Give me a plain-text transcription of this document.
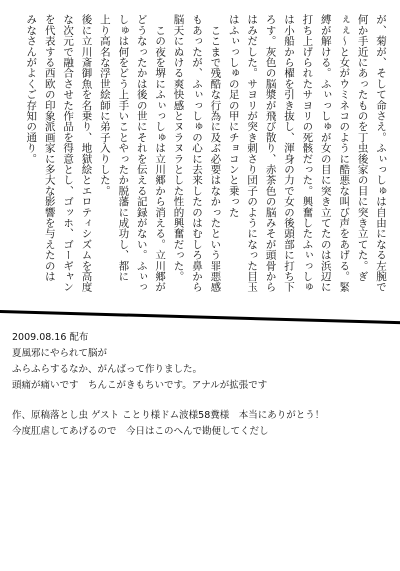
が、菊が、そして命さえ。ふぃっしゅは自由になる左腕で

何か手近にあったものを丁虫後家の目に突き立てた。ぎ

ぇぇ～と女がウミネコのように酷悪な叫び声をあげる。緊

縛が解ける。ふぃっしゅが女の目に突き立てたのは浜辺に

打ち上げられたサヨリの死骸だった。興奮したふぃっしゅ

は小船から櫂を引き抜し、渾身の力で女の後頭部に打ち下

ろす。灰色の脳漿が飛び散り、赤茶色の脳みそが頭骨から

はみだした。サヨリが突き刺さり団子のようになった目玉

はふぃっしゅの足の甲にチョコンと乗った

　ここまで残酷な行為に及ぶ必要はなかったという罪悪感

もあったが、ふぃっしゅの心に去来したのはむしろ鼻から

脳天にぬける爽快感とヌラヌラとした性的興奮だった。

　この夜を堺にふぃっしゅは立川郷から消える。立川郷が

どうなったかは後の世にそれを伝える記録がない。ふぃっ

しゅは何をどう上手いことやったか脱藩に成功し、都に

上り高名な浮世絵師に弟子入りした。

後に立川斎御魚を名乗り、地獄絵とエロティシズムを高度

な次元で融合させた作品を得意とし、ゴッホ、ゴーギャン

を代表する西欧の印象派画家に多大な影響を与えたのは

みなさんがよくご存知の通り。

2009.08.16 配布

夏風邪にやられて脳が

ふらふらするなか、がんばって作りました。

頭痛が痛いです　ちんこがきもちいです。アナルが拡張です

作、原稿落とし虫 ゲスト ことり様ドム波様58糞様　本当にありがとう！

今度肛虐してあげるので　今日はこのへんで勘便してくだし
